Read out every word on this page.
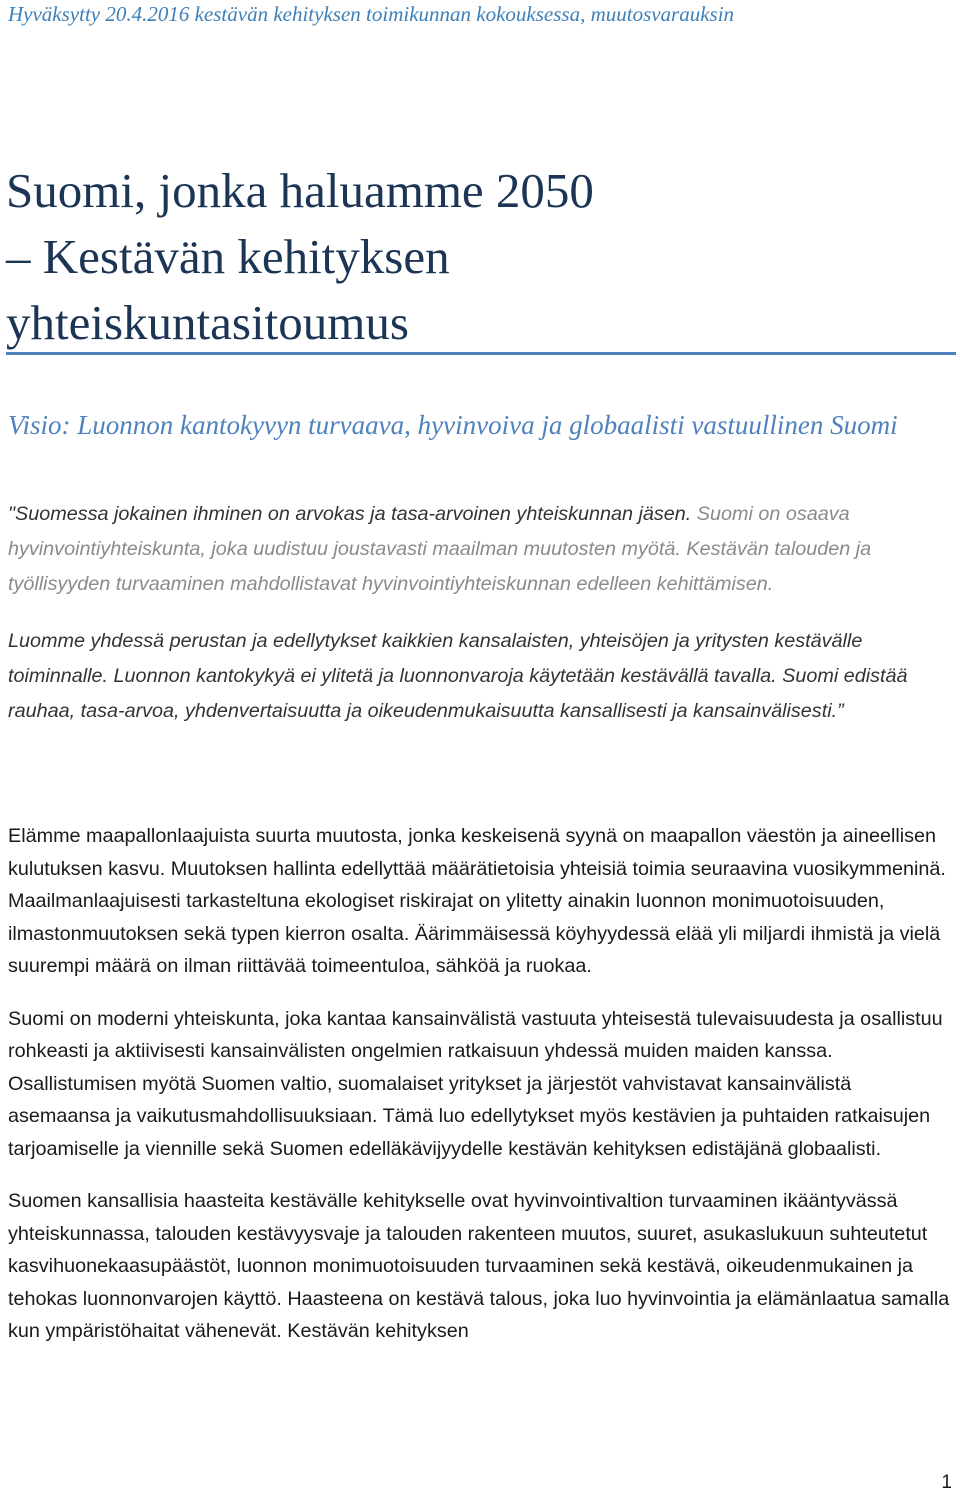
Hyväksytty 20.4.2016 kestävän kehityksen toimikunnan kokouksessa, muutosvarauksin
Suomi, jonka haluamme 2050
– Kestävän kehityksen
yhteiskuntasitoumus
Visio: Luonnon kantokyvyn turvaava, hyvinvoiva ja globaalisti vastuullinen Suomi

"Suomessa jokainen ihminen on arvokas ja tasa-arvoinen yhteiskunnan jäsen. Suomi on osaava hyvinvointiyhteiskunta, joka uudistuu joustavasti maailman muutosten myötä. Kestävän talouden ja työllisyyden turvaaminen mahdollistavat hyvinvointiyhteiskunnan edelleen kehittämisen.

Luomme yhdessä perustan ja edellytykset kaikkien kansalaisten, yhteisöjen ja yritysten kestävälle toiminnalle. Luonnon kantokykyä ei ylitetä ja luonnonvaroja käytetään kestävällä tavalla. Suomi edistää rauhaa, tasa-arvoa, yhdenvertaisuutta ja oikeudenmukaisuutta kansallisesti ja kansainvälisesti.”

Elämme maapallonlaajuista suurta muutosta, jonka keskeisenä syynä on maapallon väestön ja aineellisen kulutuksen kasvu. Muutoksen hallinta edellyttää määrätietoisia yhteisiä toimia seuraavina vuosikymmeninä. Maailmanlaajuisesti tarkasteltuna ekologiset riskirajat on ylitetty ainakin luonnon monimuotoisuuden, ilmastonmuutoksen sekä typen kierron osalta. Äärimmäisessä köyhyydessä elää yli miljardi ihmistä ja vielä suurempi määrä on ilman riittävää toimeentuloa, sähköä ja ruokaa.

Suomi on moderni yhteiskunta, joka kantaa kansainvälistä vastuuta yhteisestä tulevaisuudesta ja osallistuu rohkeasti ja aktiivisesti kansainvälisten ongelmien ratkaisuun yhdessä muiden maiden kanssa. Osallistumisen myötä Suomen valtio, suomalaiset yritykset ja järjestöt vahvistavat kansainvälistä asemaansa ja vaikutusmahdollisuuksiaan. Tämä luo edellytykset myös kestävien ja puhtaiden ratkaisujen tarjoamiselle ja viennille sekä Suomen edelläkävijyydelle kestävän kehityksen edistäjänä globaalisti.

Suomen kansallisia haasteita kestävälle kehitykselle ovat hyvinvointivaltion turvaaminen ikääntyvässä yhteiskunnassa, talouden kestävyysvaje ja talouden rakenteen muutos, suuret, asukaslukuun suhteutetut kasvihuonekaasupäästöt, luonnon monimuotoisuuden turvaaminen sekä kestävä, oikeudenmukainen ja tehokas luonnonvarojen käyttö. Haasteena on kestävä talous, joka luo hyvinvointia ja elämänlaatua samalla kun ympäristöhaitat vähenevät. Kestävän kehityksen

1
